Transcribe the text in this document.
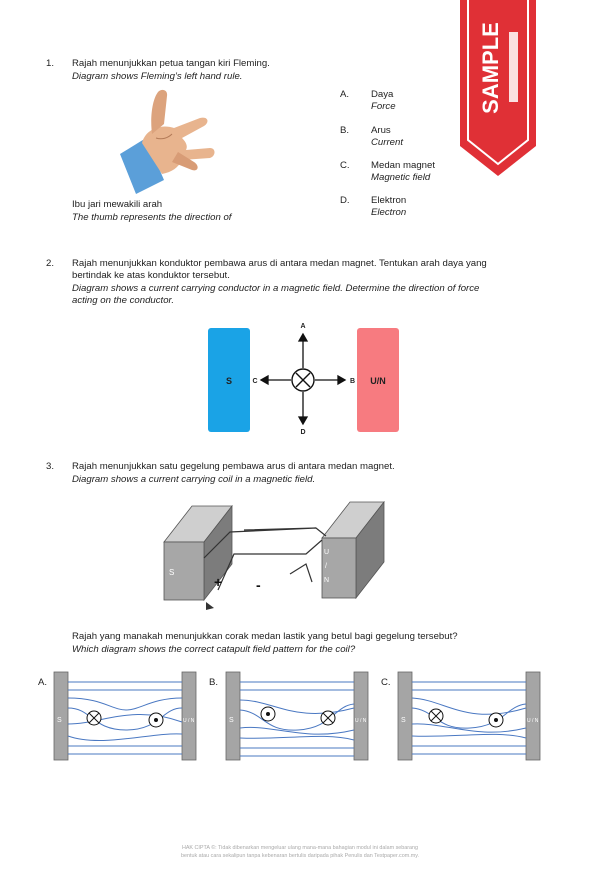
SAMPLE
1. Rajah menunjukkan petua tangan kiri Fleming.
Diagram shows Fleming’s left hand rule.
Ibu jari mewakili arah
The thumb represents the direction of
A. Daya
Force
B. Arus
Current
C. Medan magnet
Magnetic field
D. Elektron
Electron
2. Rajah menunjukkan konduktor pembawa arus di antara medan magnet. Tentukan arah daya yang
bertindak ke atas konduktor tersebut.
Diagram shows a current carrying conductor in a magnetic field. Determine the direction of force
acting on the conductor.
S	U/N
A
B
C
D
3. Rajah menunjukkan satu gegelung pembawa arus di antara medan magnet.
Diagram shows a current carrying coil in a magnetic field.
S
U
/
N
+ -
Rajah yang manakah menunjukkan corak medan lastik yang betul bagi gegelung tersebut?
Which diagram shows the correct catapult field pattern for the coil?
A.	B.	C.
S	U / N	S	U / N	S	U / N
HAK CIPTA ©: Tidak dibenarkan mengeluar ulang mana-mana bahagian modul ini dalam sebarang
bentuk atau cara sekalipun tanpa kebenaran bertulis daripada pihak Penulis dan Testpaper.com.my.
